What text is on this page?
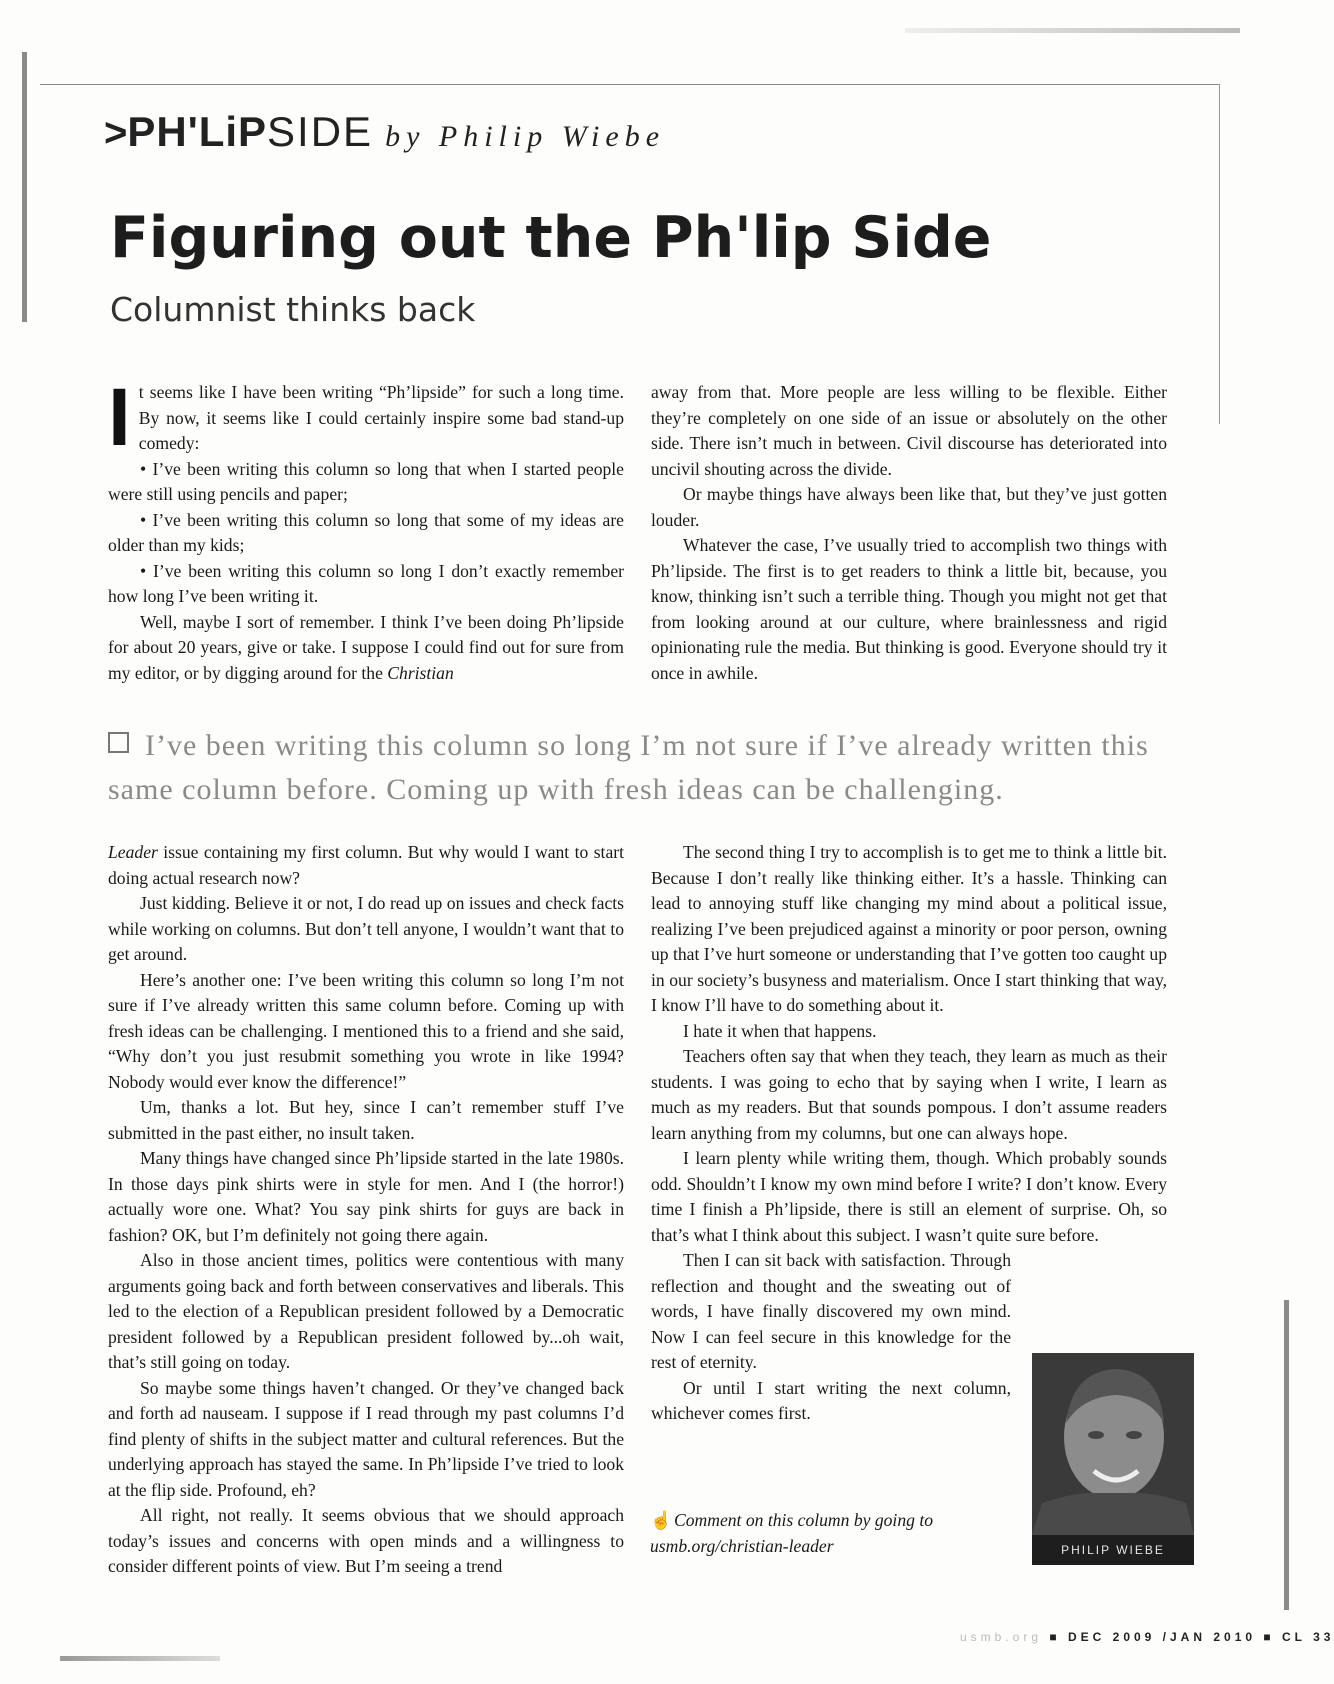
>PH'LiPSIDE by Philip Wiebe
Figuring out the Ph'lip Side
Columnist thinks back

It seems like I have been writing “Ph’lipside” for such a long time. By now, it seems like I could certainly inspire some bad stand-up comedy:

• I’ve been writing this column so long that when I started people were still using pencils and paper;

• I’ve been writing this column so long that some of my ideas are older than my kids;

• I’ve been writing this column so long I don’t exactly remember how long I’ve been writing it.

Well, maybe I sort of remember. I think I’ve been doing Ph’lipside for about 20 years, give or take. I suppose I could find out for sure from my editor, or by digging around for the Christian

away from that. More people are less willing to be flexible. Either they’re completely on one side of an issue or absolutely on the other side. There isn’t much in between. Civil discourse has deteriorated into uncivil shouting across the divide.

Or maybe things have always been like that, but they’ve just gotten louder.

Whatever the case, I’ve usually tried to accomplish two things with Ph’lipside. The first is to get readers to think a little bit, because, you know, thinking isn’t such a terrible thing. Though you might not get that from looking around at our culture, where brainlessness and rigid opinionating rule the media. But thinking is good. Everyone should try it once in awhile.

I’ve been writing this column so long I’m not sure if I’ve already written this same column before. Coming up with fresh ideas can be challenging.

Leader issue containing my first column. But why would I want to start doing actual research now?

Just kidding. Believe it or not, I do read up on issues and check facts while working on columns. But don’t tell anyone, I wouldn’t want that to get around.

Here’s another one: I’ve been writing this column so long I’m not sure if I’ve already written this same column before. Coming up with fresh ideas can be challenging. I mentioned this to a friend and she said, “Why don’t you just resubmit something you wrote in like 1994? Nobody would ever know the difference!”

Um, thanks a lot. But hey, since I can’t remember stuff I’ve submitted in the past either, no insult taken.

Many things have changed since Ph’lipside started in the late 1980s. In those days pink shirts were in style for men. And I (the horror!) actually wore one. What? You say pink shirts for guys are back in fashion? OK, but I’m definitely not going there again.

Also in those ancient times, politics were contentious with many arguments going back and forth between conservatives and liberals. This led to the election of a Republican president followed by a Democratic president followed by a Republican president followed by...oh wait, that’s still going on today.

So maybe some things haven’t changed. Or they’ve changed back and forth ad nauseam. I suppose if I read through my past columns I’d find plenty of shifts in the subject matter and cultural references. But the underlying approach has stayed the same. In Ph’lipside I’ve tried to look at the flip side. Profound, eh?

All right, not really. It seems obvious that we should approach today’s issues and concerns with open minds and a willingness to consider different points of view. But I’m seeing a trend

The second thing I try to accomplish is to get me to think a little bit. Because I don’t really like thinking either. It’s a hassle. Thinking can lead to annoying stuff like changing my mind about a political issue, realizing I’ve been prejudiced against a minority or poor person, owning up that I’ve hurt someone or understanding that I’ve gotten too caught up in our society’s busyness and materialism. Once I start thinking that way, I know I’ll have to do something about it.

I hate it when that happens.

Teachers often say that when they teach, they learn as much as their students. I was going to echo that by saying when I write, I learn as much as my readers. But that sounds pompous. I don’t assume readers learn anything from my columns, but one can always hope.

I learn plenty while writing them, though. Which probably sounds odd. Shouldn’t I know my own mind before I write? I don’t know. Every time I finish a Ph’lipside, there is still an element of surprise. Oh, so that’s what I think about this subject. I wasn’t quite sure before.

Then I can sit back with satisfaction. Through reflection and thought and the sweating out of words, I have finally discovered my own mind. Now I can feel secure in this knowledge for the rest of eternity.

Or until I start writing the next column, whichever comes first.

☝ Comment on this column by going to usmb.org/christian-leader	PHILIP WIEBE
usmb.org ■ DEC 2009 /JAN 2010 ■ CL 33
